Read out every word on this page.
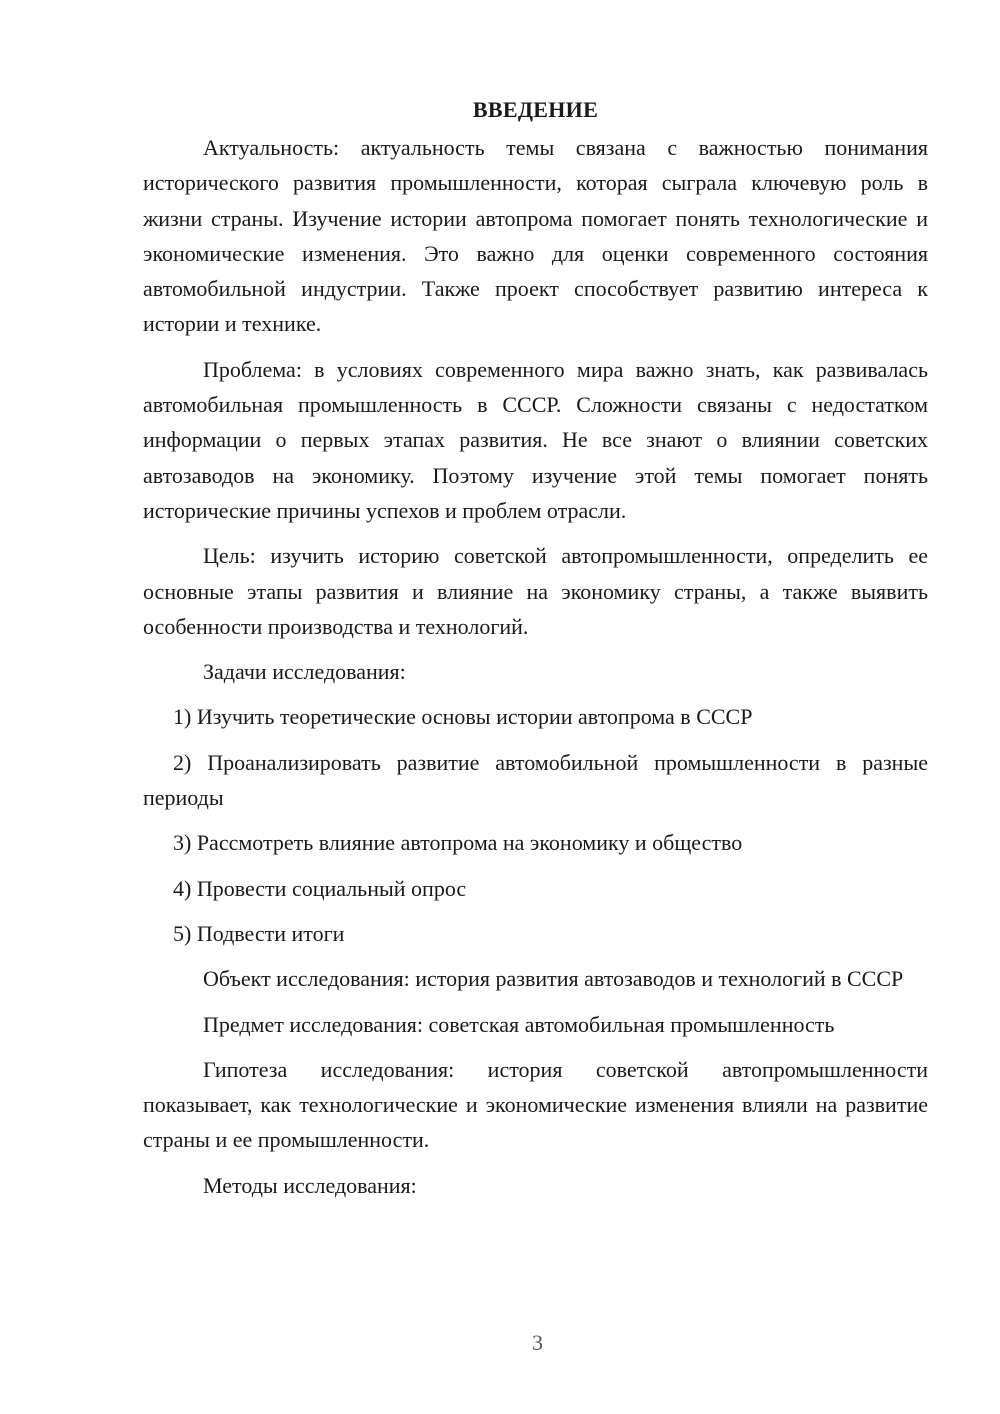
ВВЕДЕНИЕ

Актуальность: актуальность темы связана с важностью понимания исторического развития промышленности, которая сыграла ключевую роль в жизни страны. Изучение истории автопрома помогает понять технологические и экономические изменения. Это важно для оценки современного состояния автомобильной индустрии. Также проект способствует развитию интереса к истории и технике.

Проблема: в условиях современного мира важно знать, как развивалась автомобильная промышленность в СССР. Сложности связаны с недостатком информации о первых этапах развития. Не все знают о влиянии советских автозаводов на экономику. Поэтому изучение этой темы помогает понять исторические причины успехов и проблем отрасли.

Цель: изучить историю советской автопромышленности, определить ее основные этапы развития и влияние на экономику страны, а также выявить особенности производства и технологий.

Задачи исследования:

1) Изучить теоретические основы истории автопрома в СССР

2) Проанализировать развитие автомобильной промышленности в разные периоды

3) Рассмотреть влияние автопрома на экономику и общество

4) Провести социальный опрос

5) Подвести итоги

Объект исследования: история развития автозаводов и технологий в СССР

Предмет исследования: советская автомобильная промышленность

Гипотеза исследования: история советской автопромышленности показывает, как технологические и экономические изменения влияли на развитие страны и ее промышленности.

Методы исследования:

3
